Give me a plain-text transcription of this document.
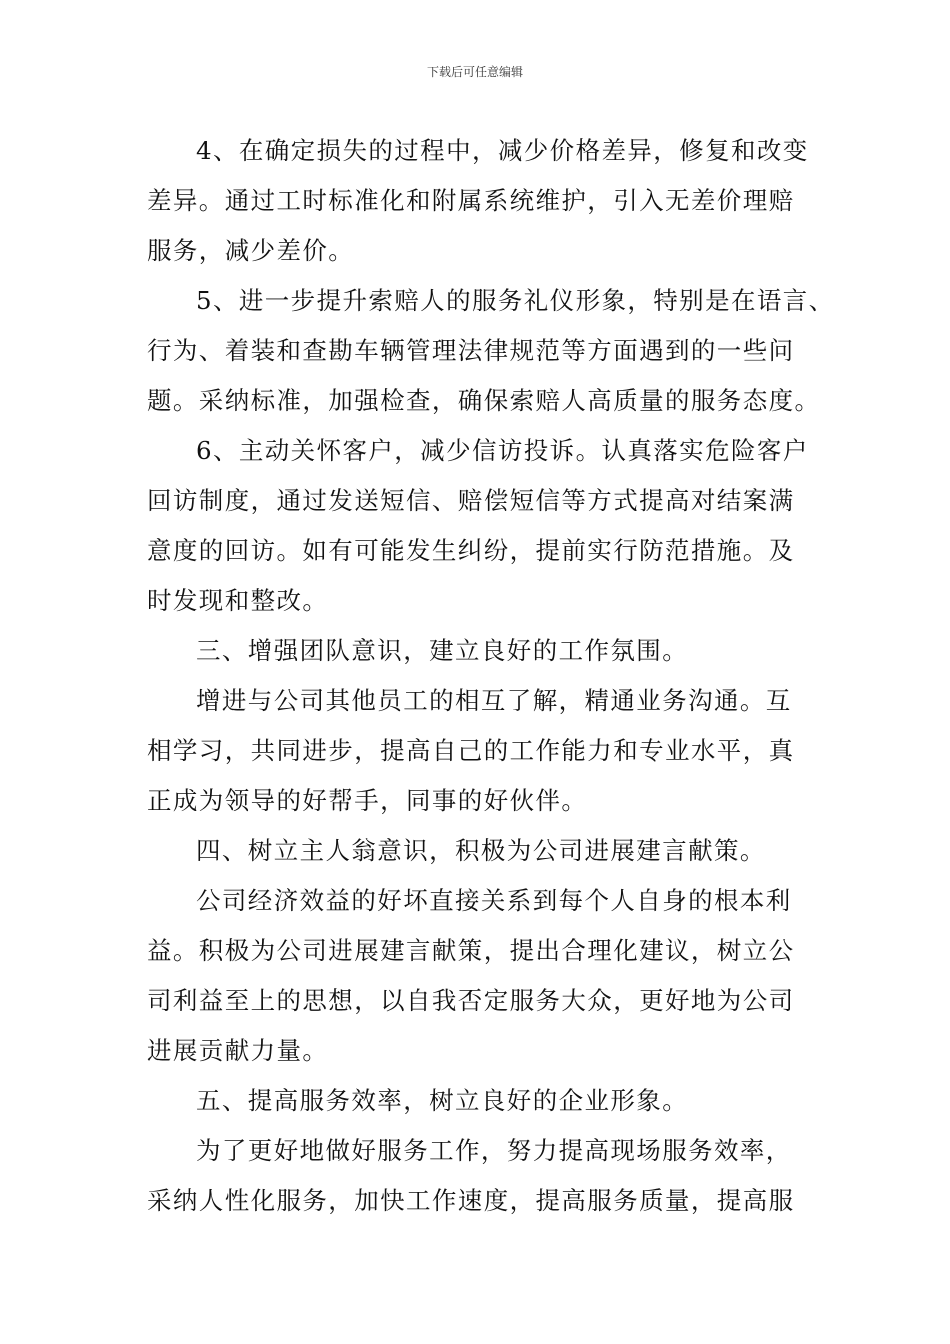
下载后可任意编辑

4、在确定损失的过程中，减少价格差异，修复和改变
差异。通过工时标准化和附属系统维护，引入无差价理赔
服务，减少差价。

5、进一步提升索赔人的服务礼仪形象，特别是在语言、
行为、着装和查勘车辆管理法律规范等方面遇到的一些问
题。采纳标准，加强检查，确保索赔人高质量的服务态度。

6、主动关怀客户，减少信访投诉。认真落实危险客户
回访制度，通过发送短信、赔偿短信等方式提高对结案满
意度的回访。如有可能发生纠纷，提前实行防范措施。及
时发现和整改。

三、增强团队意识，建立良好的工作氛围。

增进与公司其他员工的相互了解，精通业务沟通。互
相学习，共同进步，提高自己的工作能力和专业水平，真
正成为领导的好帮手，同事的好伙伴。

四、树立主人翁意识，积极为公司进展建言献策。

公司经济效益的好坏直接关系到每个人自身的根本利
益。积极为公司进展建言献策，提出合理化建议，树立公
司利益至上的思想，以自我否定服务大众，更好地为公司
进展贡献力量。

五、提高服务效率，树立良好的企业形象。

为了更好地做好服务工作，努力提高现场服务效率，
采纳人性化服务，加快工作速度，提高服务质量，提高服
